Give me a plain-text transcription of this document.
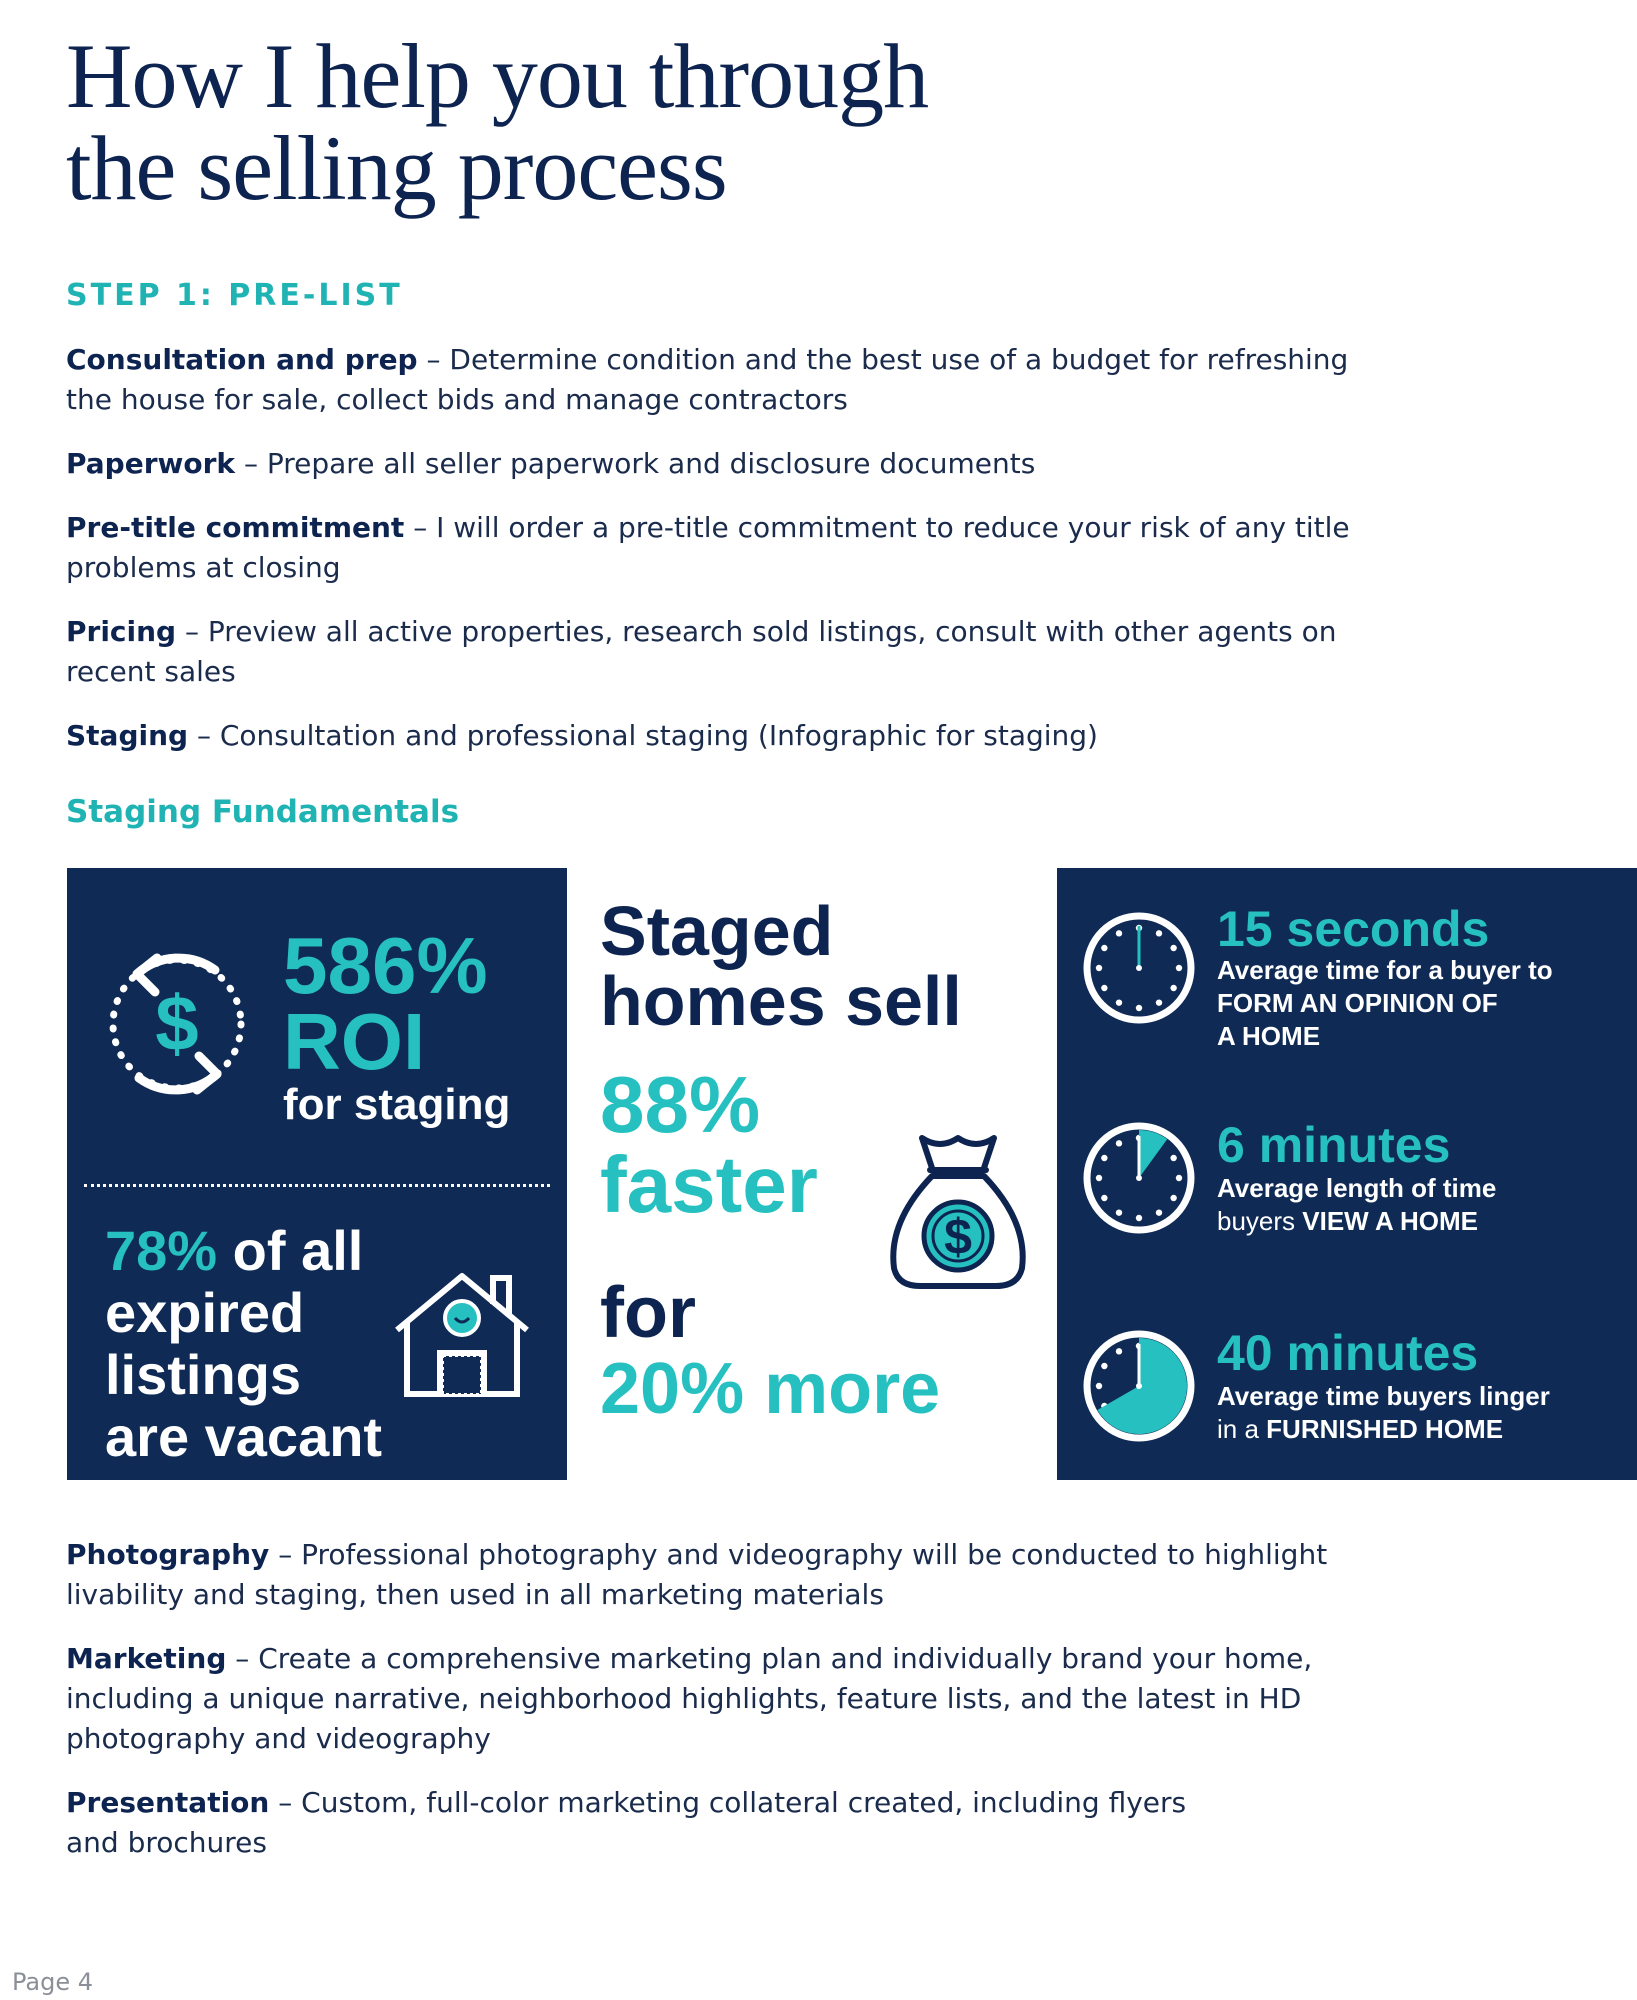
How I help you through
the selling process
STEP 1: PRE-LIST
Consultation and prep – Determine condition and the best use of a budget for refreshing the house for sale, collect bids and manage contractors
Paperwork – Prepare all seller paperwork and disclosure documents
Pre-title commitment – I will order a pre-title commitment to reduce your risk of any title problems at closing
Pricing – Preview all active properties, research sold listings, consult with other agents on recent sales
Staging – Consultation and professional staging (Infographic for staging)
Staging Fundamentals
$
586%
ROI
for staging
78% of all
expired
listings
are vacant
Staged
homes sell
88%
faster
for
20% more
$
15 seconds
Average time for a buyer to
FORM AN OPINION OF
A HOME
6 minutes
Average length of time
buyers VIEW A HOME
40 minutes
Average time buyers linger
in a FURNISHED HOME
Photography – Professional photography and videography will be conducted to highlight livability and staging, then used in all marketing materials
Marketing – Create a comprehensive marketing plan and individually brand your home, including a unique narrative, neighborhood highlights, feature lists, and the latest in HD photography and videography
Presentation – Custom, full-color marketing collateral created, including flyers and brochures

Page 4
